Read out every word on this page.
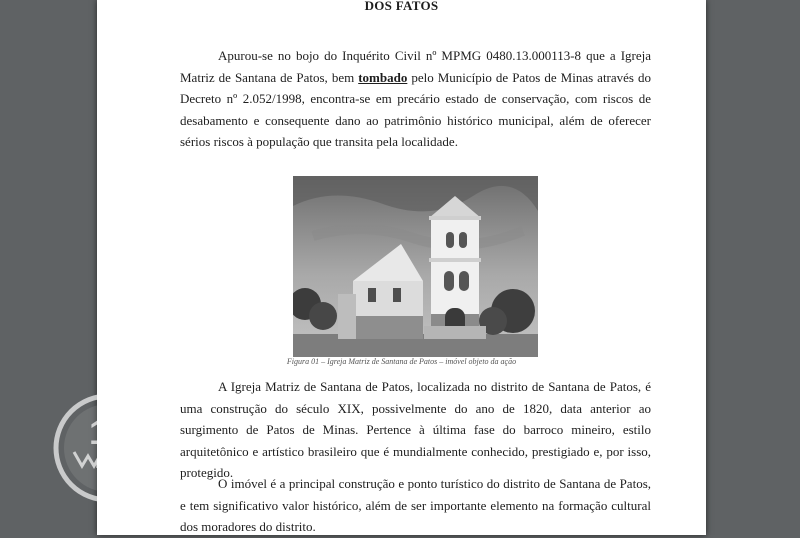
DOS FATOS

Apurou-se no bojo do Inquérito Civil nº MPMG 0480.13.000113-8 que a Igreja Matriz de Santana de Patos, bem tombado pelo Município de Patos de Minas através do Decreto nº 2.052/1998, encontra-se em precário estado de conservação, com riscos de desabamento e consequente dano ao patrimônio histórico municipal, além de oferecer sérios riscos à população que transita pela localidade.

Figura 01 – Igreja Matriz de Santana de Patos – imóvel objeto da ação

A Igreja Matriz de Santana de Patos, localizada no distrito de Santana de Patos, é uma construção do século XIX, possivelmente do ano de 1820, data anterior ao surgimento de Patos de Minas. Pertence à última fase do barroco mineiro, estilo arquitetônico e artístico brasileiro que é mundialmente conhecido, prestigiado e, por isso, protegido.

O imóvel é a principal construção e ponto turístico do distrito de Santana de Patos, e tem significativo valor histórico, além de ser importante elemento na formação cultural dos moradores do distrito.

10
Patos Hoje
